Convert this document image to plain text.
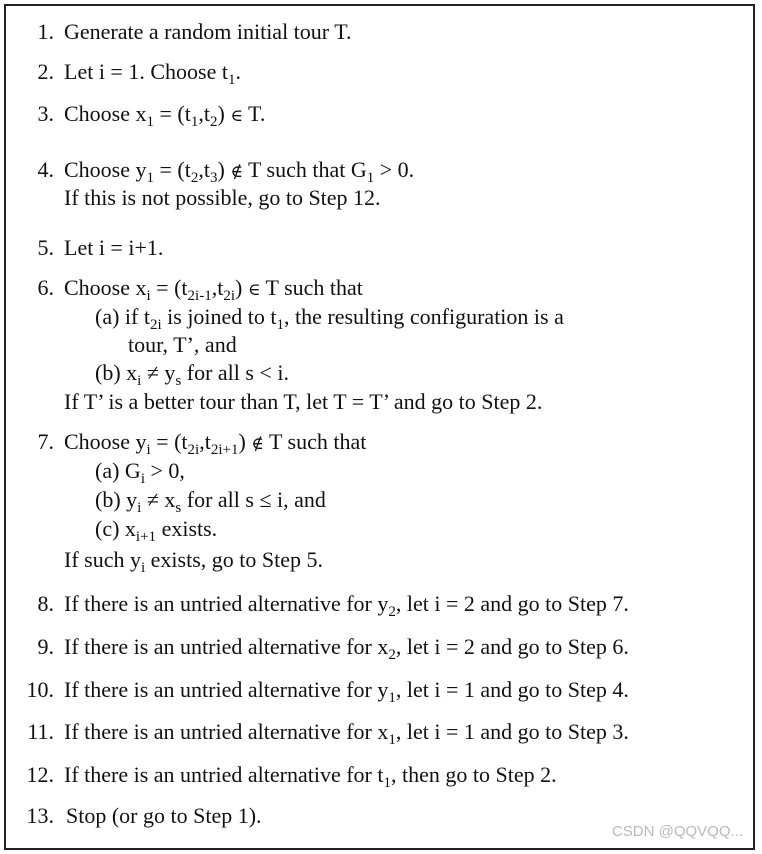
1. Generate a random initial tour T.
2. Let i = 1. Choose $t_1$.
3. Choose $x_1 = (t_1,t_2)$ ∈ T.
4. Choose $y_1 = (t_2,t_3)$ ∉ T such that $G_1 > 0$.
If this is not possible, go to Step 12.
5. Let i = i+1.
6. Choose $x_i = (t_{2i-1},t_{2i})$ ∈ T such that
(a) if $t_{2i}$ is joined to $t_1$, the resulting configuration is a
tour, T’, and
(b) $x_i \ne y_s$ for all s < i.
If T’ is a better tour than T, let T = T’ and go to Step 2.
7. Choose $y_i = (t_{2i},t_{2i+1})$ ∉ T such that
(a) $G_i > 0$,
(b) $y_i \ne x_s$ for all s ≤ i, and
(c) $x_{i+1}$ exists.
If such $y_i$ exists, go to Step 5.
8. If there is an untried alternative for $y_2$, let i = 2 and go to Step 7.
9. If there is an untried alternative for $x_2$, let i = 2 and go to Step 6.
10. If there is an untried alternative for $y_1$, let i = 1 and go to Step 4.
11. If there is an untried alternative for $x_1$, let i = 1 and go to Step 3.
12. If there is an untried alternative for $t_1$, then go to Step 2.
13. Stop (or go to Step 1).
CSDN @QQVQQ...
